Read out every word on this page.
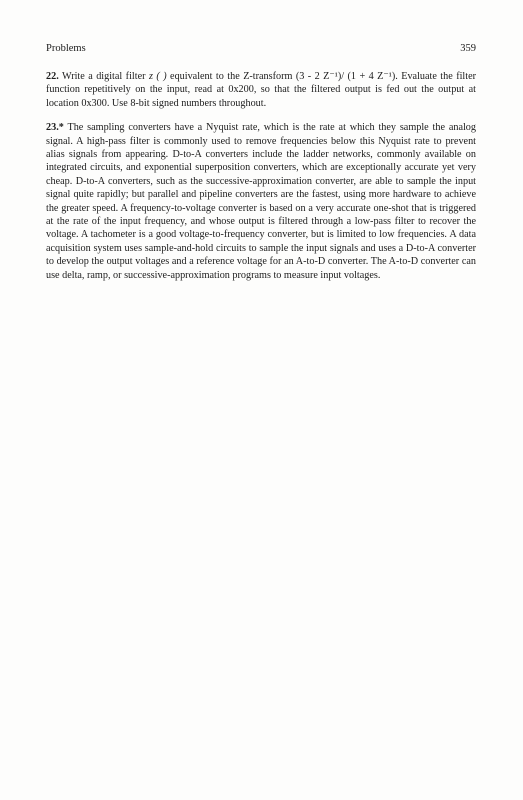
Problems	359

22. Write a digital filter z ( ) equivalent to the Z-transform (3 - 2 Z⁻¹)/ (1 + 4 Z⁻¹). Evaluate the filter function repetitively on the input, read at 0x200, so that the filtered output is fed out the output at location 0x300. Use 8-bit signed numbers throughout.

23.* The sampling converters have a Nyquist rate, which is the rate at which they sample the analog signal. A high-pass filter is commonly used to remove frequencies below this Nyquist rate to prevent alias signals from appearing. D-to-A converters include the ladder networks, commonly available on integrated circuits, and exponential superposition converters, which are exceptionally accurate yet very cheap. D-to-A converters, such as the successive-approximation converter, are able to sample the input signal quite rapidly; but parallel and pipeline converters are the fastest, using more hardware to achieve the greater speed. A frequency-to-voltage converter is based on a very accurate one-shot that is triggered at the rate of the input frequency, and whose output is filtered through a low-pass filter to recover the voltage. A tachometer is a good voltage-to-frequency converter, but is limited to low frequencies. A data acquisition system uses sample-and-hold circuits to sample the input signals and uses a D-to-A converter to develop the output voltages and a reference voltage for an A-to-D converter. The A-to-D converter can use delta, ramp, or successive-approximation programs to measure input voltages.
